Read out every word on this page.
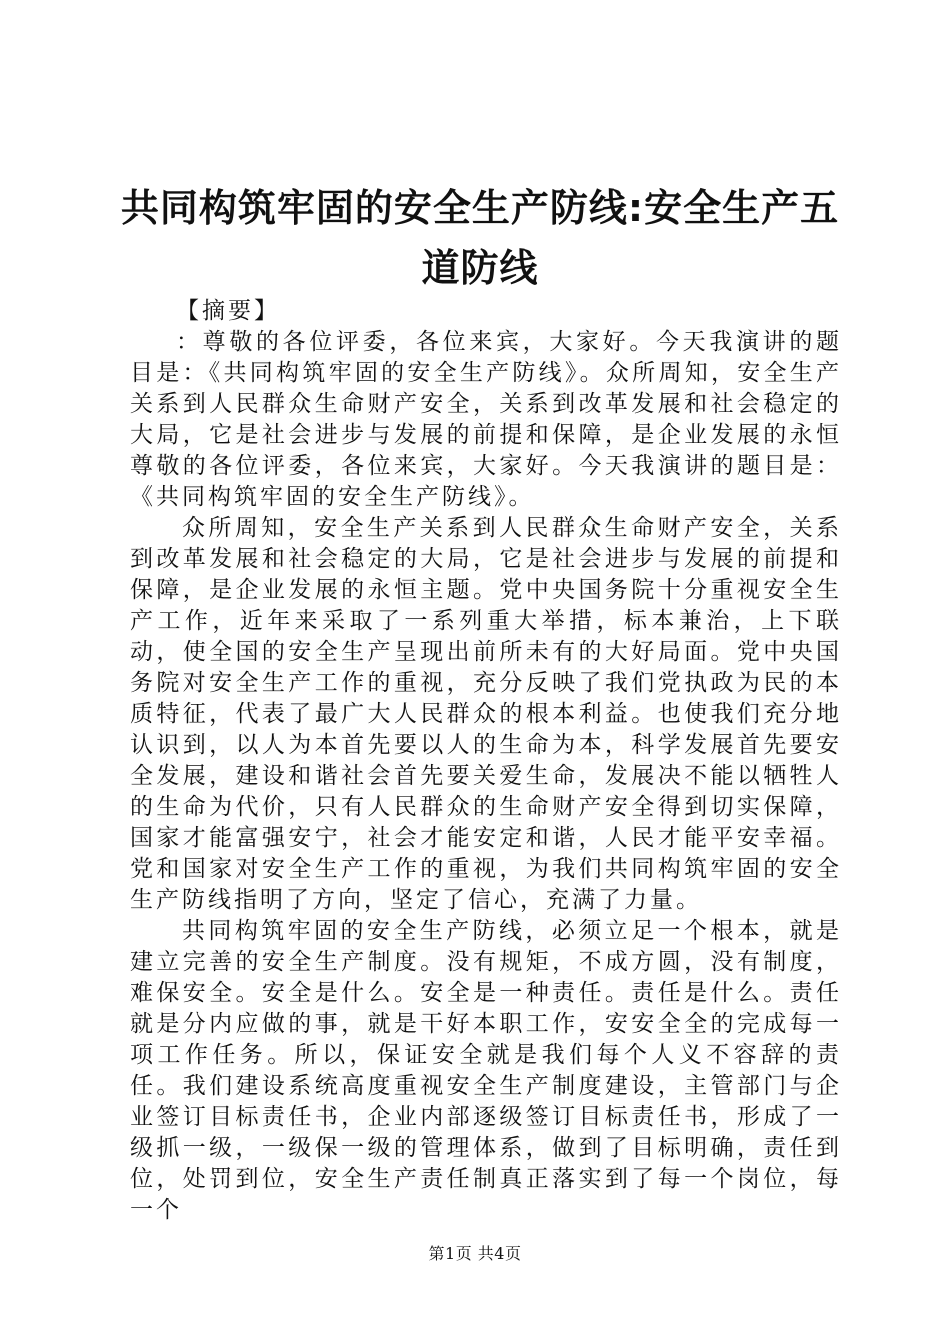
共同构筑牢固的安全生产防线:安全生产五道防线

【摘要】

：尊敬的各位评委，各位来宾，大家好。今天我演讲的题目是：《共同构筑牢固的安全生产防线》。众所周知，安全生产关系到人民群众生命财产安全，关系到改革发展和社会稳定的大局，它是社会进步与发展的前提和保障，是企业发展的永恒尊敬的各位评委，各位来宾，大家好。今天我演讲的题目是：《共同构筑牢固的安全生产防线》。

众所周知，安全生产关系到人民群众生命财产安全，关系到改革发展和社会稳定的大局，它是社会进步与发展的前提和保障，是企业发展的永恒主题。党中央国务院十分重视安全生产工作，近年来采取了一系列重大举措，标本兼治，上下联动，使全国的安全生产呈现出前所未有的大好局面。党中央国务院对安全生产工作的重视，充分反映了我们党执政为民的本质特征，代表了最广大人民群众的根本利益。也使我们充分地认识到，以人为本首先要以人的生命为本，科学发展首先要安全发展，建设和谐社会首先要关爱生命，发展决不能以牺牲人的生命为代价，只有人民群众的生命财产安全得到切实保障，国家才能富强安宁，社会才能安定和谐，人民才能平安幸福。党和国家对安全生产工作的重视，为我们共同构筑牢固的安全生产防线指明了方向，坚定了信心，充满了力量。

共同构筑牢固的安全生产防线，必须立足一个根本，就是建立完善的安全生产制度。没有规矩，不成方圆，没有制度，难保安全。安全是什么。安全是一种责任。责任是什么。责任就是分内应做的事，就是干好本职工作，安安全全的完成每一项工作任务。所以，保证安全就是我们每个人义不容辞的责任。我们建设系统高度重视安全生产制度建设，主管部门与企业签订目标责任书，企业内部逐级签订目标责任书，形成了一级抓一级，一级保一级的管理体系，做到了目标明确，责任到位，处罚到位，安全生产责任制真正落实到了每一个岗位，每一个

第1页 共4页
